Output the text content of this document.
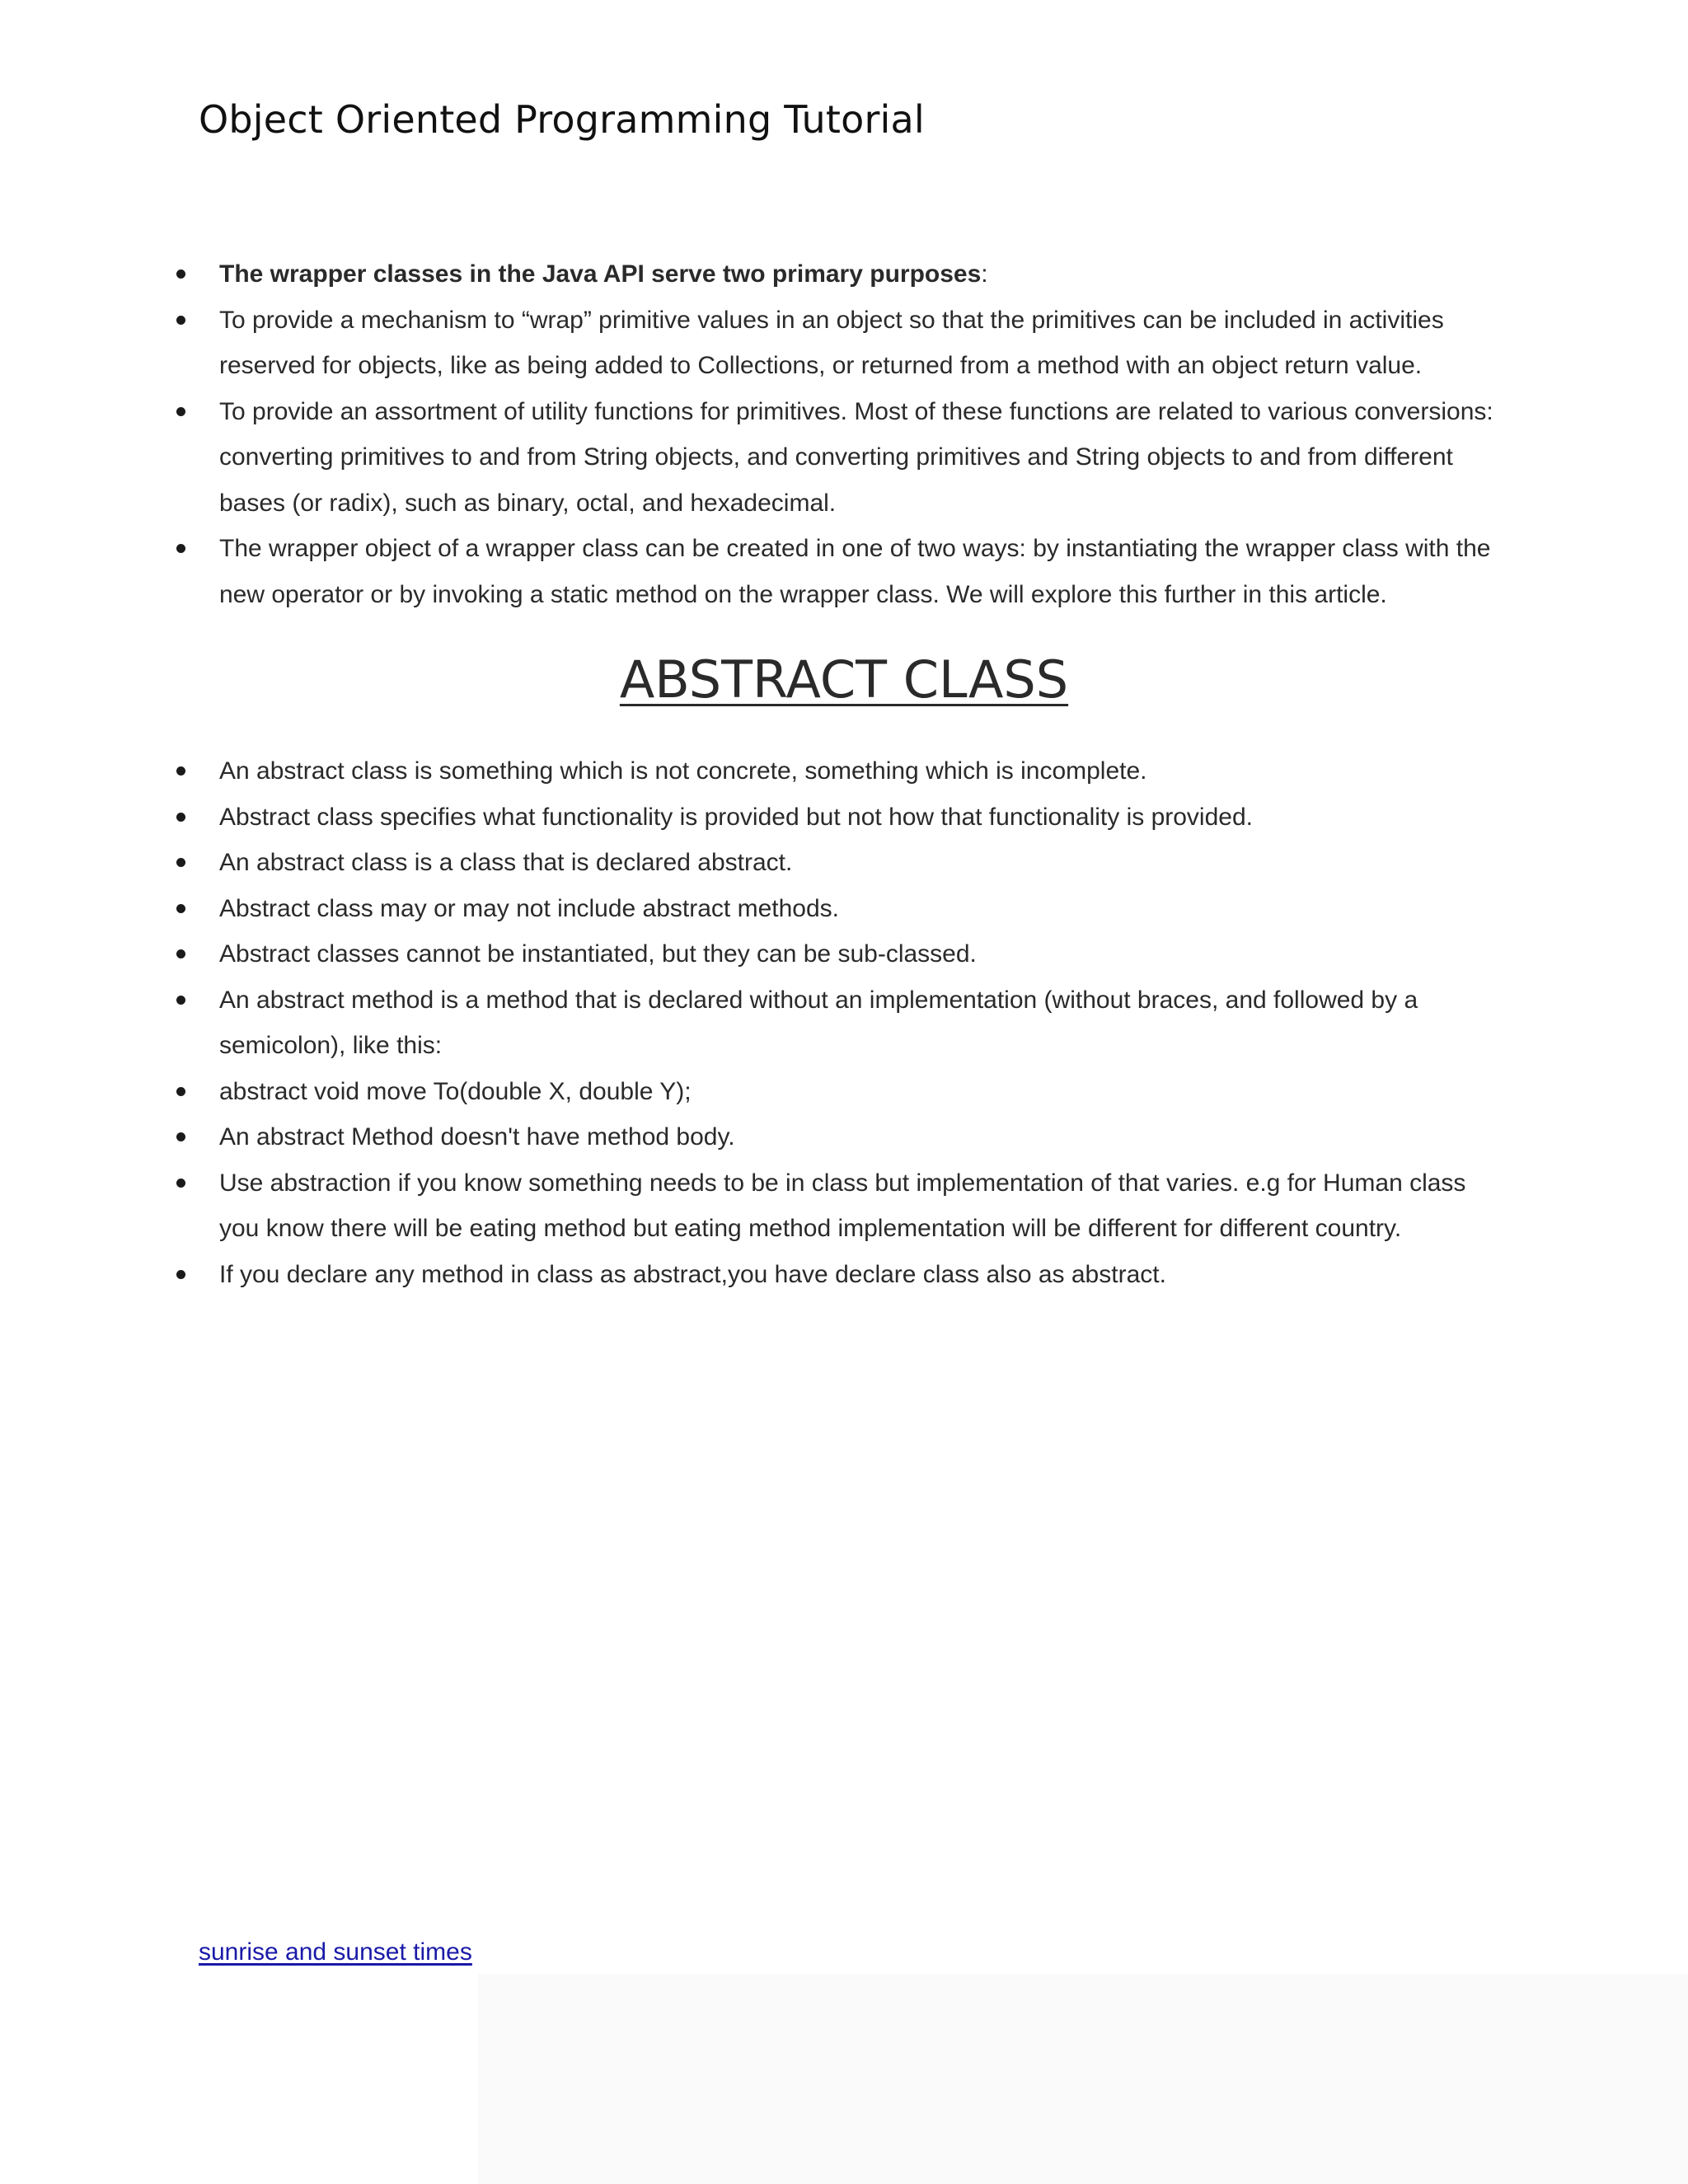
Object Oriented Programming Tutorial
The wrapper classes in the Java API serve two primary purposes:
To provide a mechanism to “wrap” primitive values in an object so that the primitives can be included in activities reserved for objects, like as being added to Collections, or returned from a method with an object return value.
To provide an assortment of utility functions for primitives. Most of these functions are related to various conversions: converting primitives to and from String objects, and converting primitives and String objects to and from different bases (or radix), such as binary, octal, and hexadecimal.
The wrapper object of a wrapper class can be created in one of two ways: by instantiating the wrapper class with the new operator or by invoking a static method on the wrapper class. We will explore this further in this article.
ABSTRACT CLASS
An abstract class is something which is not concrete, something which is incomplete.
Abstract class specifies what functionality is provided but not how that functionality is provided.
An abstract class is a class that is declared abstract.
Abstract class may or may not include abstract methods.
Abstract classes cannot be instantiated, but they can be sub-classed.
An abstract method is a method that is declared without an implementation (without braces, and followed by a semicolon), like this:
abstract void move To(double X, double Y);
An abstract Method doesn't have method body.
Use abstraction if you know something needs to be in class but implementation of that varies. e.g for Human class you know there will be eating method but eating method implementation will be different for different country.
If you declare any method in class as abstract,you have declare class also as abstract.
sunrise and sunset times
